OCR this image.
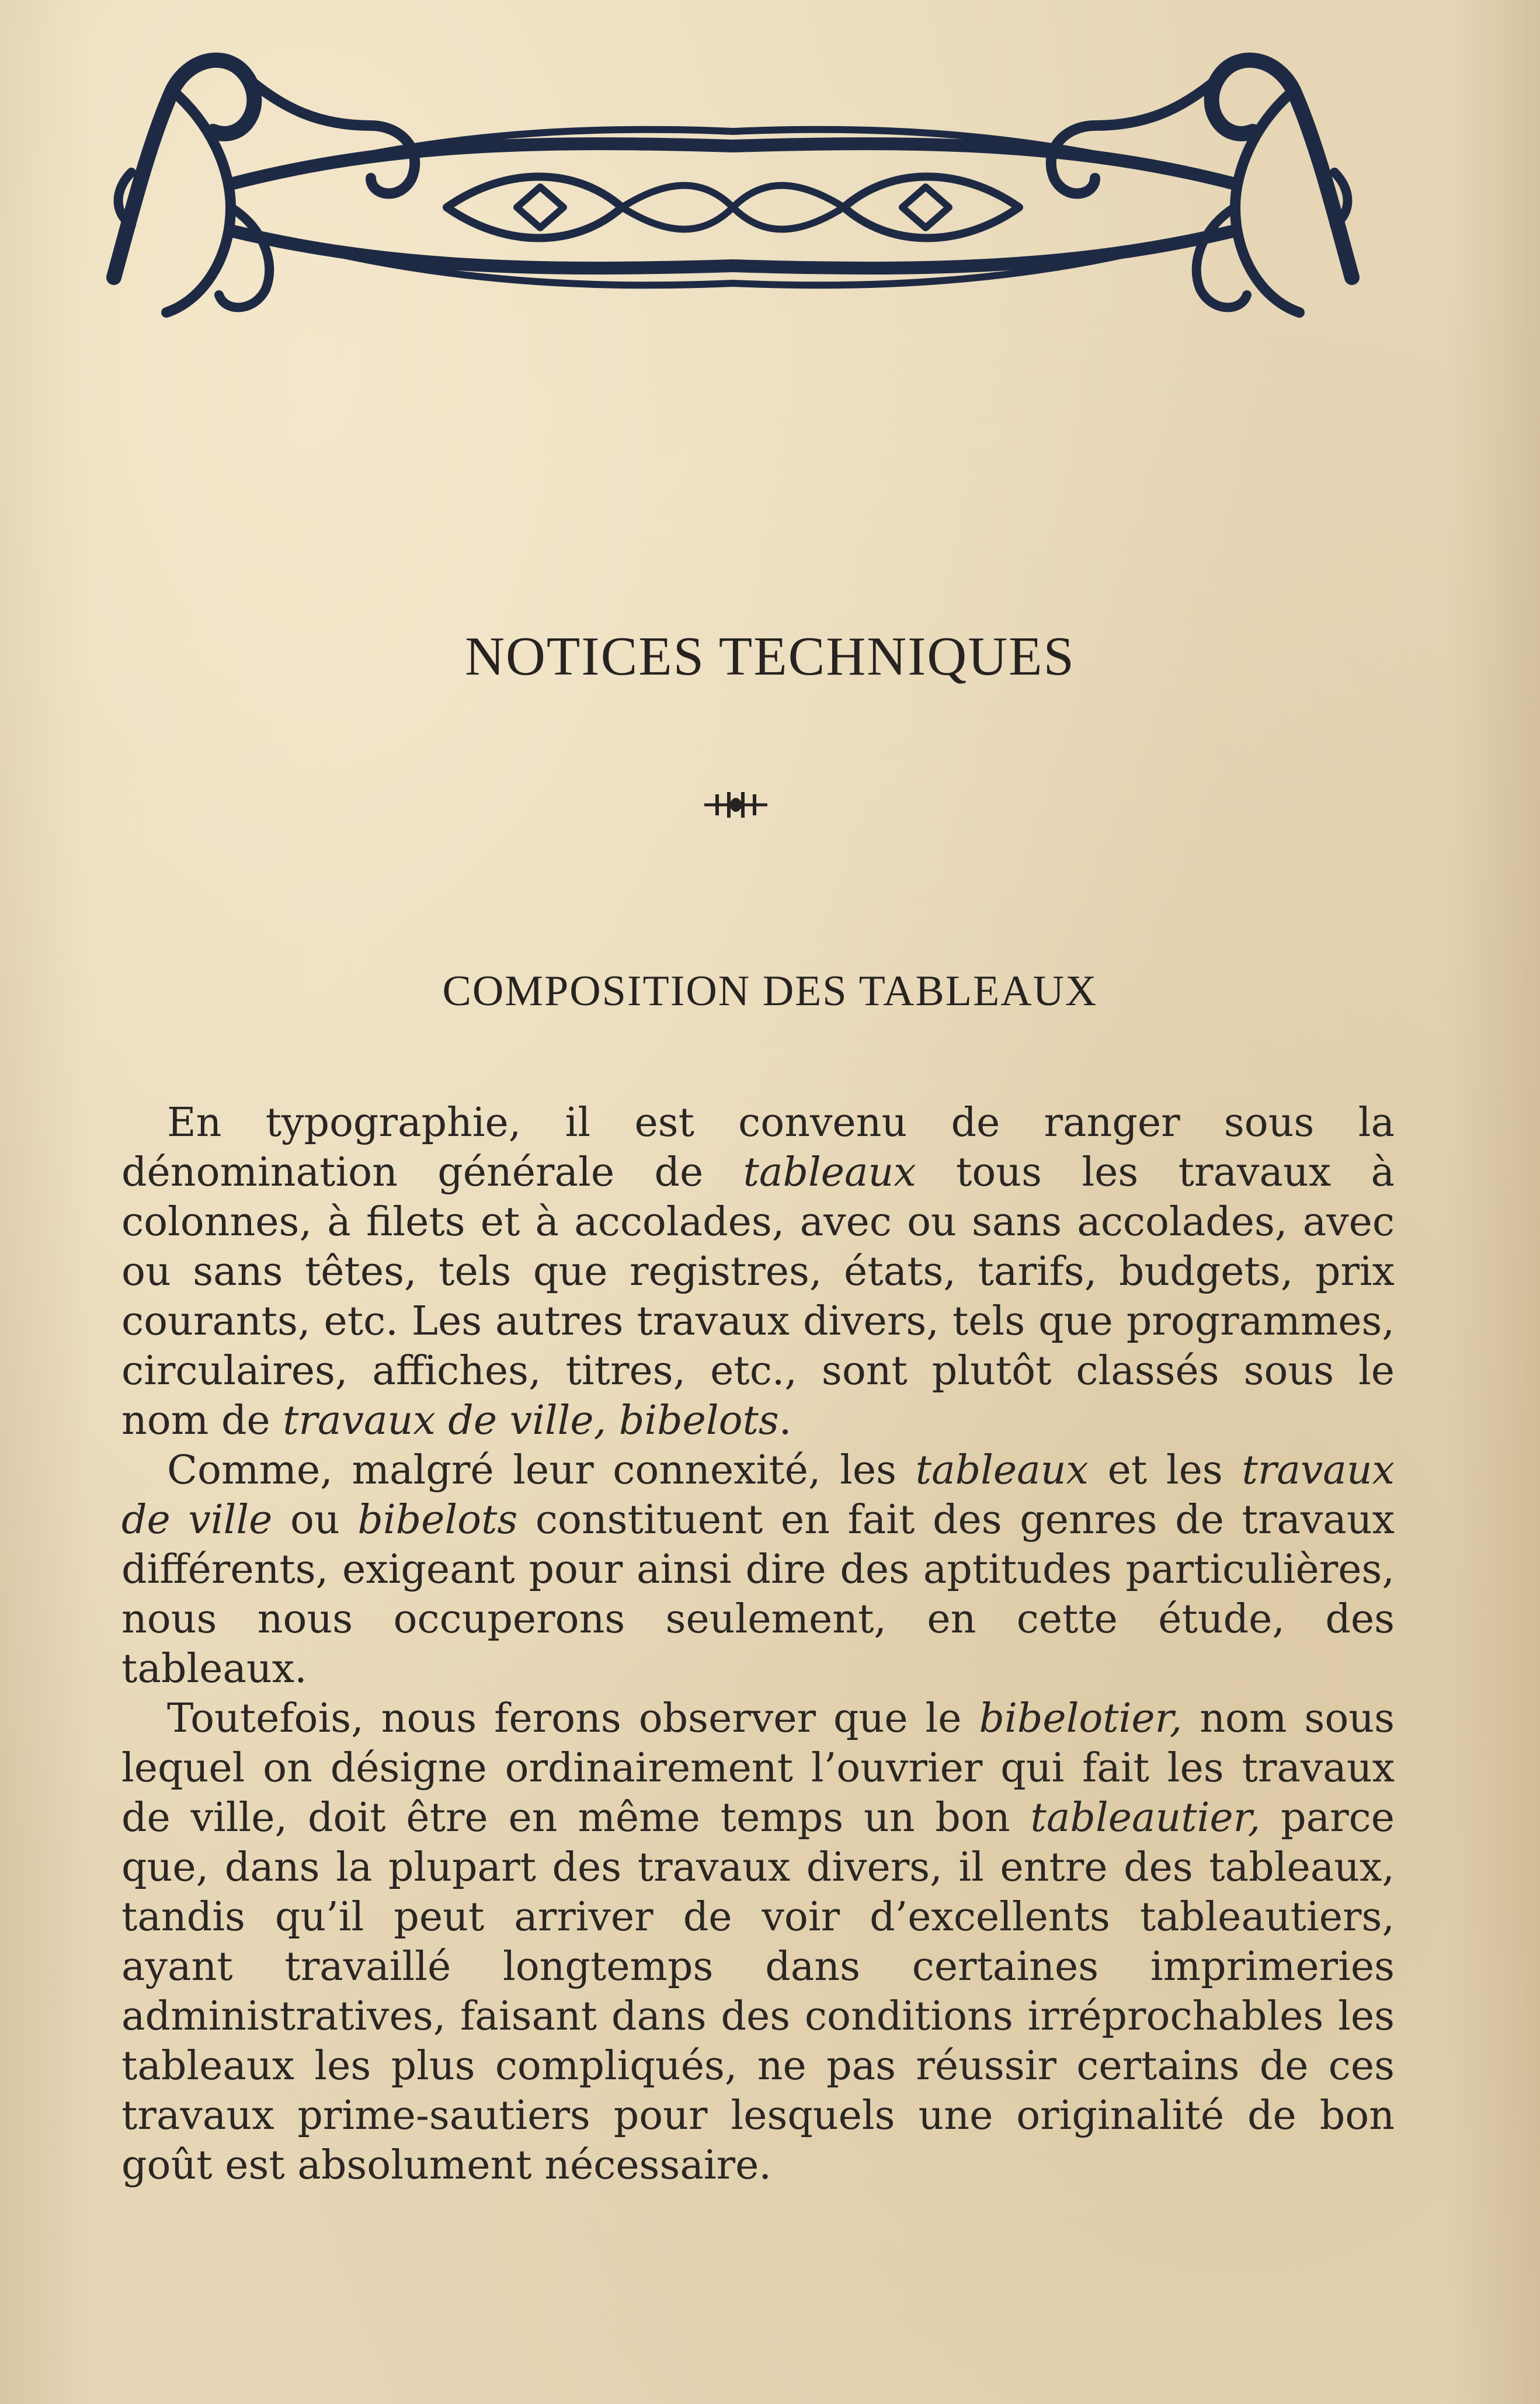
NOTICES TECHNIQUES
COMPOSITION DES TABLEAUX

En typographie, il est convenu de ranger sous la dénomination générale de tableaux tous les travaux à colonnes, à filets et à accolades, avec ou sans accolades, avec ou sans têtes, tels que registres, états, tarifs, budgets, prix courants, etc. Les autres travaux divers, tels que programmes, circulaires, affiches, titres, etc., sont plutôt classés sous le nom de travaux de ville, bibelots.

Comme, malgré leur connexité, les tableaux et les travaux de ville ou bibelots constituent en fait des genres de travaux différents, exigeant pour ainsi dire des aptitudes particulières, nous nous occuperons seulement, en cette étude, des tableaux.

Toutefois, nous ferons observer que le bibelotier, nom sous lequel on désigne ordinairement l’ouvrier qui fait les travaux de ville, doit être en même temps un bon tableautier, parce que, dans la plupart des travaux divers, il entre des tableaux, tandis qu’il peut arriver de voir d’excellents tableautiers, ayant travaillé longtemps dans certaines imprimeries administratives, faisant dans des conditions irréprochables les tableaux les plus compliqués, ne pas réussir certains de ces travaux prime-sautiers pour lesquels une originalité de bon goût est absolument nécessaire.
